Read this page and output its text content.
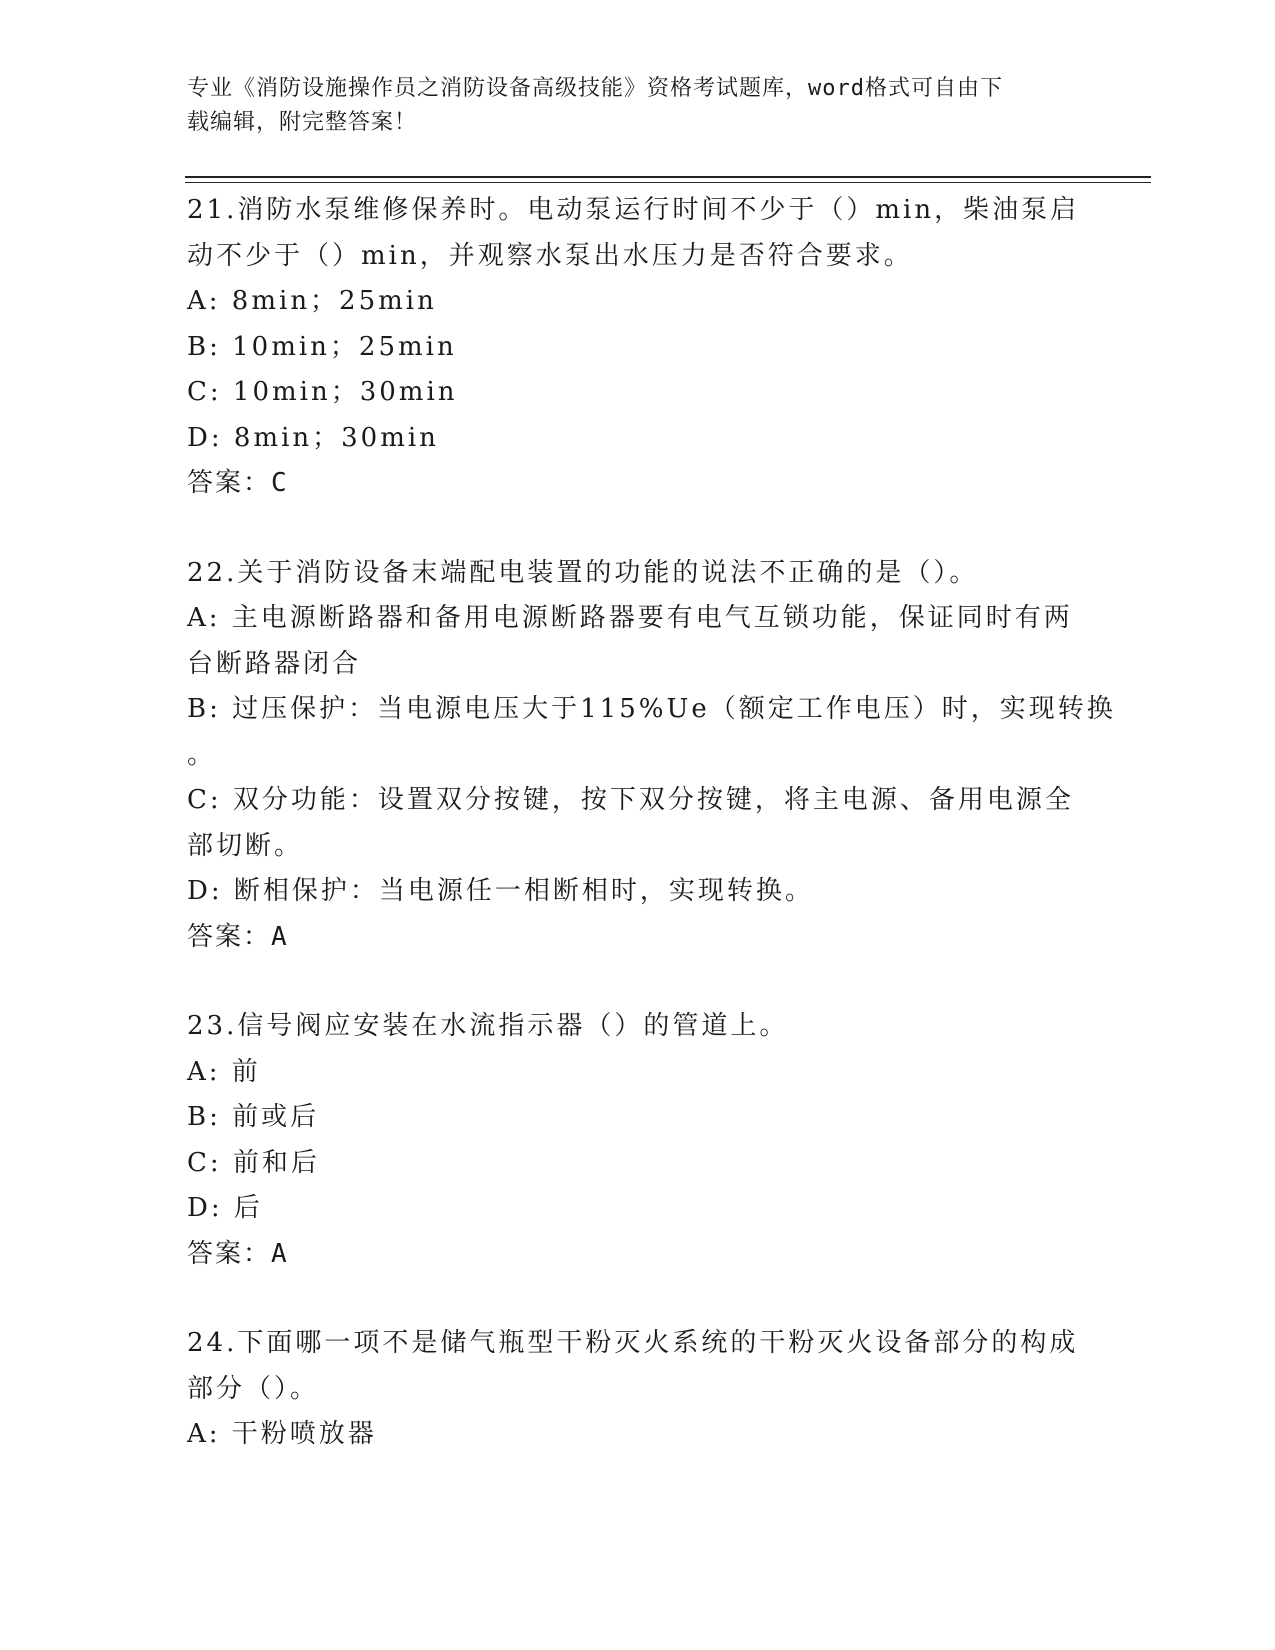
专业《消防设施操作员之消防设备高级技能》资格考试题库，word格式可自由下
载编辑，附完整答案！
21.消防水泵维修保养时。电动泵运行时间不少于（）min，柴油泵启
动不少于（）min，并观察水泵出水压力是否符合要求。
A: 8min；25min
B: 10min；25min
C: 10min；30min
D: 8min；30min
答案：C
22.关于消防设备末端配电装置的功能的说法不正确的是（）。
A: 主电源断路器和备用电源断路器要有电气互锁功能，保证同时有两
台断路器闭合
B: 过压保护：当电源电压大于115%Ue（额定工作电压）时，实现转换
。
C: 双分功能：设置双分按键，按下双分按键，将主电源、备用电源全
部切断。
D: 断相保护：当电源任一相断相时，实现转换。
答案：A
23.信号阀应安装在水流指示器（）的管道上。
A: 前
B: 前或后
C: 前和后
D: 后
答案：A
24.下面哪一项不是储气瓶型干粉灭火系统的干粉灭火设备部分的构成
部分（）。
A: 干粉喷放器
